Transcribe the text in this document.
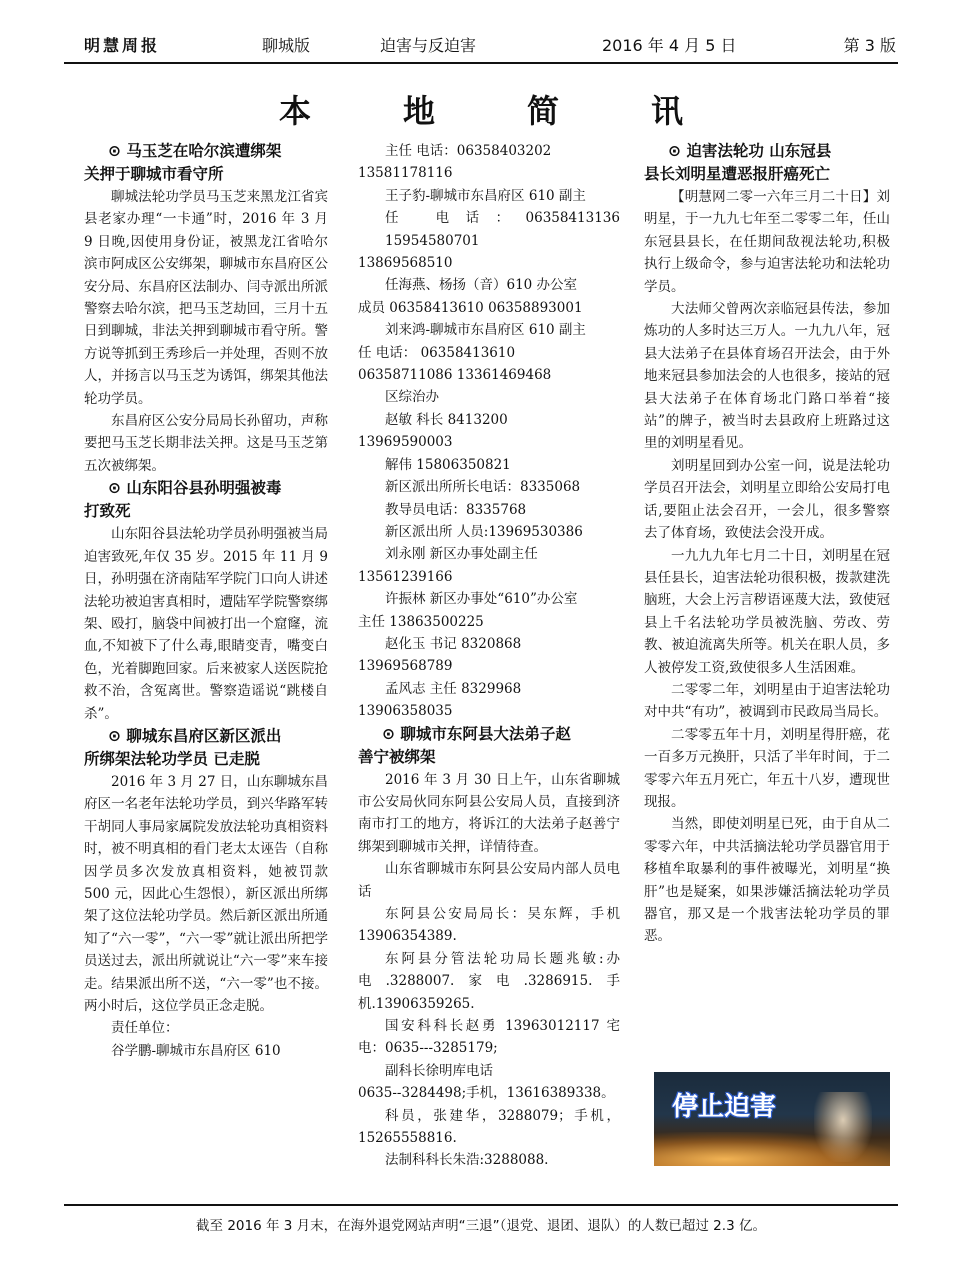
明慧周报	聊城版	迫害与反迫害	2016 年 4 月 5 日	第 3 版
本地简讯
⊙ 马玉芝在哈尔滨遭绑架
关押于聊城市看守所

聊城法轮功学员马玉芝来黑龙江省宾县老家办理“一卡通”时，2016 年 3 月 9 日晚,因使用身份证，被黑龙江省哈尔滨市阿成区公安绑架，聊城市东昌府区公安分局、东昌府区法制办、闫寺派出所派警察去哈尔滨，把马玉芝劫回，三月十五日到聊城，非法关押到聊城市看守所。警方说等抓到王秀珍后一并处理，否则不放人，并扬言以马玉芝为诱饵，绑架其他法轮功学员。

东昌府区公安分局局长孙留功，声称要把马玉芝长期非法关押。这是马玉芝第五次被绑架。

⊙ 山东阳谷县孙明强被毒
打致死

山东阳谷县法轮功学员孙明强被当局迫害致死,年仅 35 岁。2015 年 11 月 9 日，孙明强在济南陆军学院门口向人讲述法轮功被迫害真相时，遭陆军学院警察绑架、殴打，脑袋中间被打出一个窟窿，流血,不知被下了什么毒,眼睛变青，嘴变白色，光着脚跑回家。后来被家人送医院抢救不治，含冤离世。警察造谣说“跳楼自杀”。

⊙ 聊城东昌府区新区派出
所绑架法轮功学员 已走脱

2016 年 3 月 27 日，山东聊城东昌府区一名老年法轮功学员，到兴华路军转干胡同人事局家属院发放法轮功真相资料时，被不明真相的看门老太太诬告（自称因学员多次发放真相资料，她被罚款 500 元，因此心生怨恨），新区派出所绑架了这位法轮功学员。然后新区派出所通知了“六一零”，“六一零”就让派出所把学员送过去，派出所就说让“六一零”来车接走。结果派出所不送，“六一零”也不接。两小时后，这位学员正念走脱。

责任单位：

谷学鹏-聊城市东昌府区 610

主任 电话：06358403202

13581178116

王子豹-聊城市东昌府区 610 副主

任 电话：06358413136 15954580701

13869568510

任海燕、杨扬（音）610 办公室

成员 06358413610 06358893001

刘来鸿-聊城市东昌府区 610 副主

任 电话： 06358413610

06358711086 13361469468

区综治办

赵敏 科长 8413200

13969590003

解伟 15806350821

新区派出所所长电话：8335068

教导员电话：8335768

新区派出所 人员:13969530386

刘永刚 新区办事处副主任

13561239166

许振林 新区办事处“610”办公室

主任 13863500225

赵化玉 书记 8320868

13969568789

孟风志 主任 8329968

13906358035

⊙ 聊城市东阿县大法弟子赵
善宁被绑架

2016 年 3 月 30 日上午，山东省聊城市公安局伙同东阿县公安局人员，直接到济南市打工的地方，将诉江的大法弟子赵善宁绑架到聊城市关押，详情待查。

山东省聊城市东阿县公安局内部人员电话

东阿县公安局局长：吴东辉，手机 13906354389.

东阿县分管法轮功局长题兆敏:办电.3288007.家电.3286915.手机.13906359265.

国安科科长赵勇 13963012117 宅电：0635---3285179;

副科长徐明库电话

0635--3284498;手机，13616389338。

科员，张建华，3288079；手机，15265558816.

法制科科长朱浩:3288088.

⊙ 迫害法轮功 山东冠县
县长刘明星遭恶报肝癌死亡

【明慧网二零一六年三月二十日】刘明星，于一九九七年至二零零二年，任山东冠县县长，在任期间敌视法轮功,积极执行上级命令，参与迫害法轮功和法轮功学员。

大法师父曾两次亲临冠县传法，参加炼功的人多时达三万人。一九九八年，冠县大法弟子在县体育场召开法会，由于外地来冠县参加法会的人也很多，接站的冠县大法弟子在体育场北门路口举着“接站”的牌子，被当时去县政府上班路过这里的刘明星看见。

刘明星回到办公室一问，说是法轮功学员召开法会，刘明星立即给公安局打电话,要阻止法会召开，一会儿，很多警察去了体育场，致使法会没开成。

一九九九年七月二十日，刘明星在冠县任县长，迫害法轮功很积极，拨款建洗脑班，大会上污言秽语诬蔑大法，致使冠县上千名法轮功学员被洗脑、劳改、劳教、被迫流离失所等。机关在职人员，多人被停发工资,致使很多人生活困难。

二零零二年，刘明星由于迫害法轮功对中共“有功”，被调到市民政局当局长。

二零零五年十月，刘明星得肝癌，花一百多万元换肝，只活了半年时间，于二零零六年五月死亡，年五十八岁，遭现世现报。

当然，即使刘明星已死，由于自从二零零六年，中共活摘法轮功学员器官用于移植牟取暴利的事件被曝光，刘明星“换肝”也是疑案，如果涉嫌活摘法轮功学员器官，那又是一个戕害法轮功学员的罪恶。

停止迫害
截至 2016 年 3 月末，在海外退党网站声明“三退”（退党、退团、退队）的人数已超过 2.3 亿。
